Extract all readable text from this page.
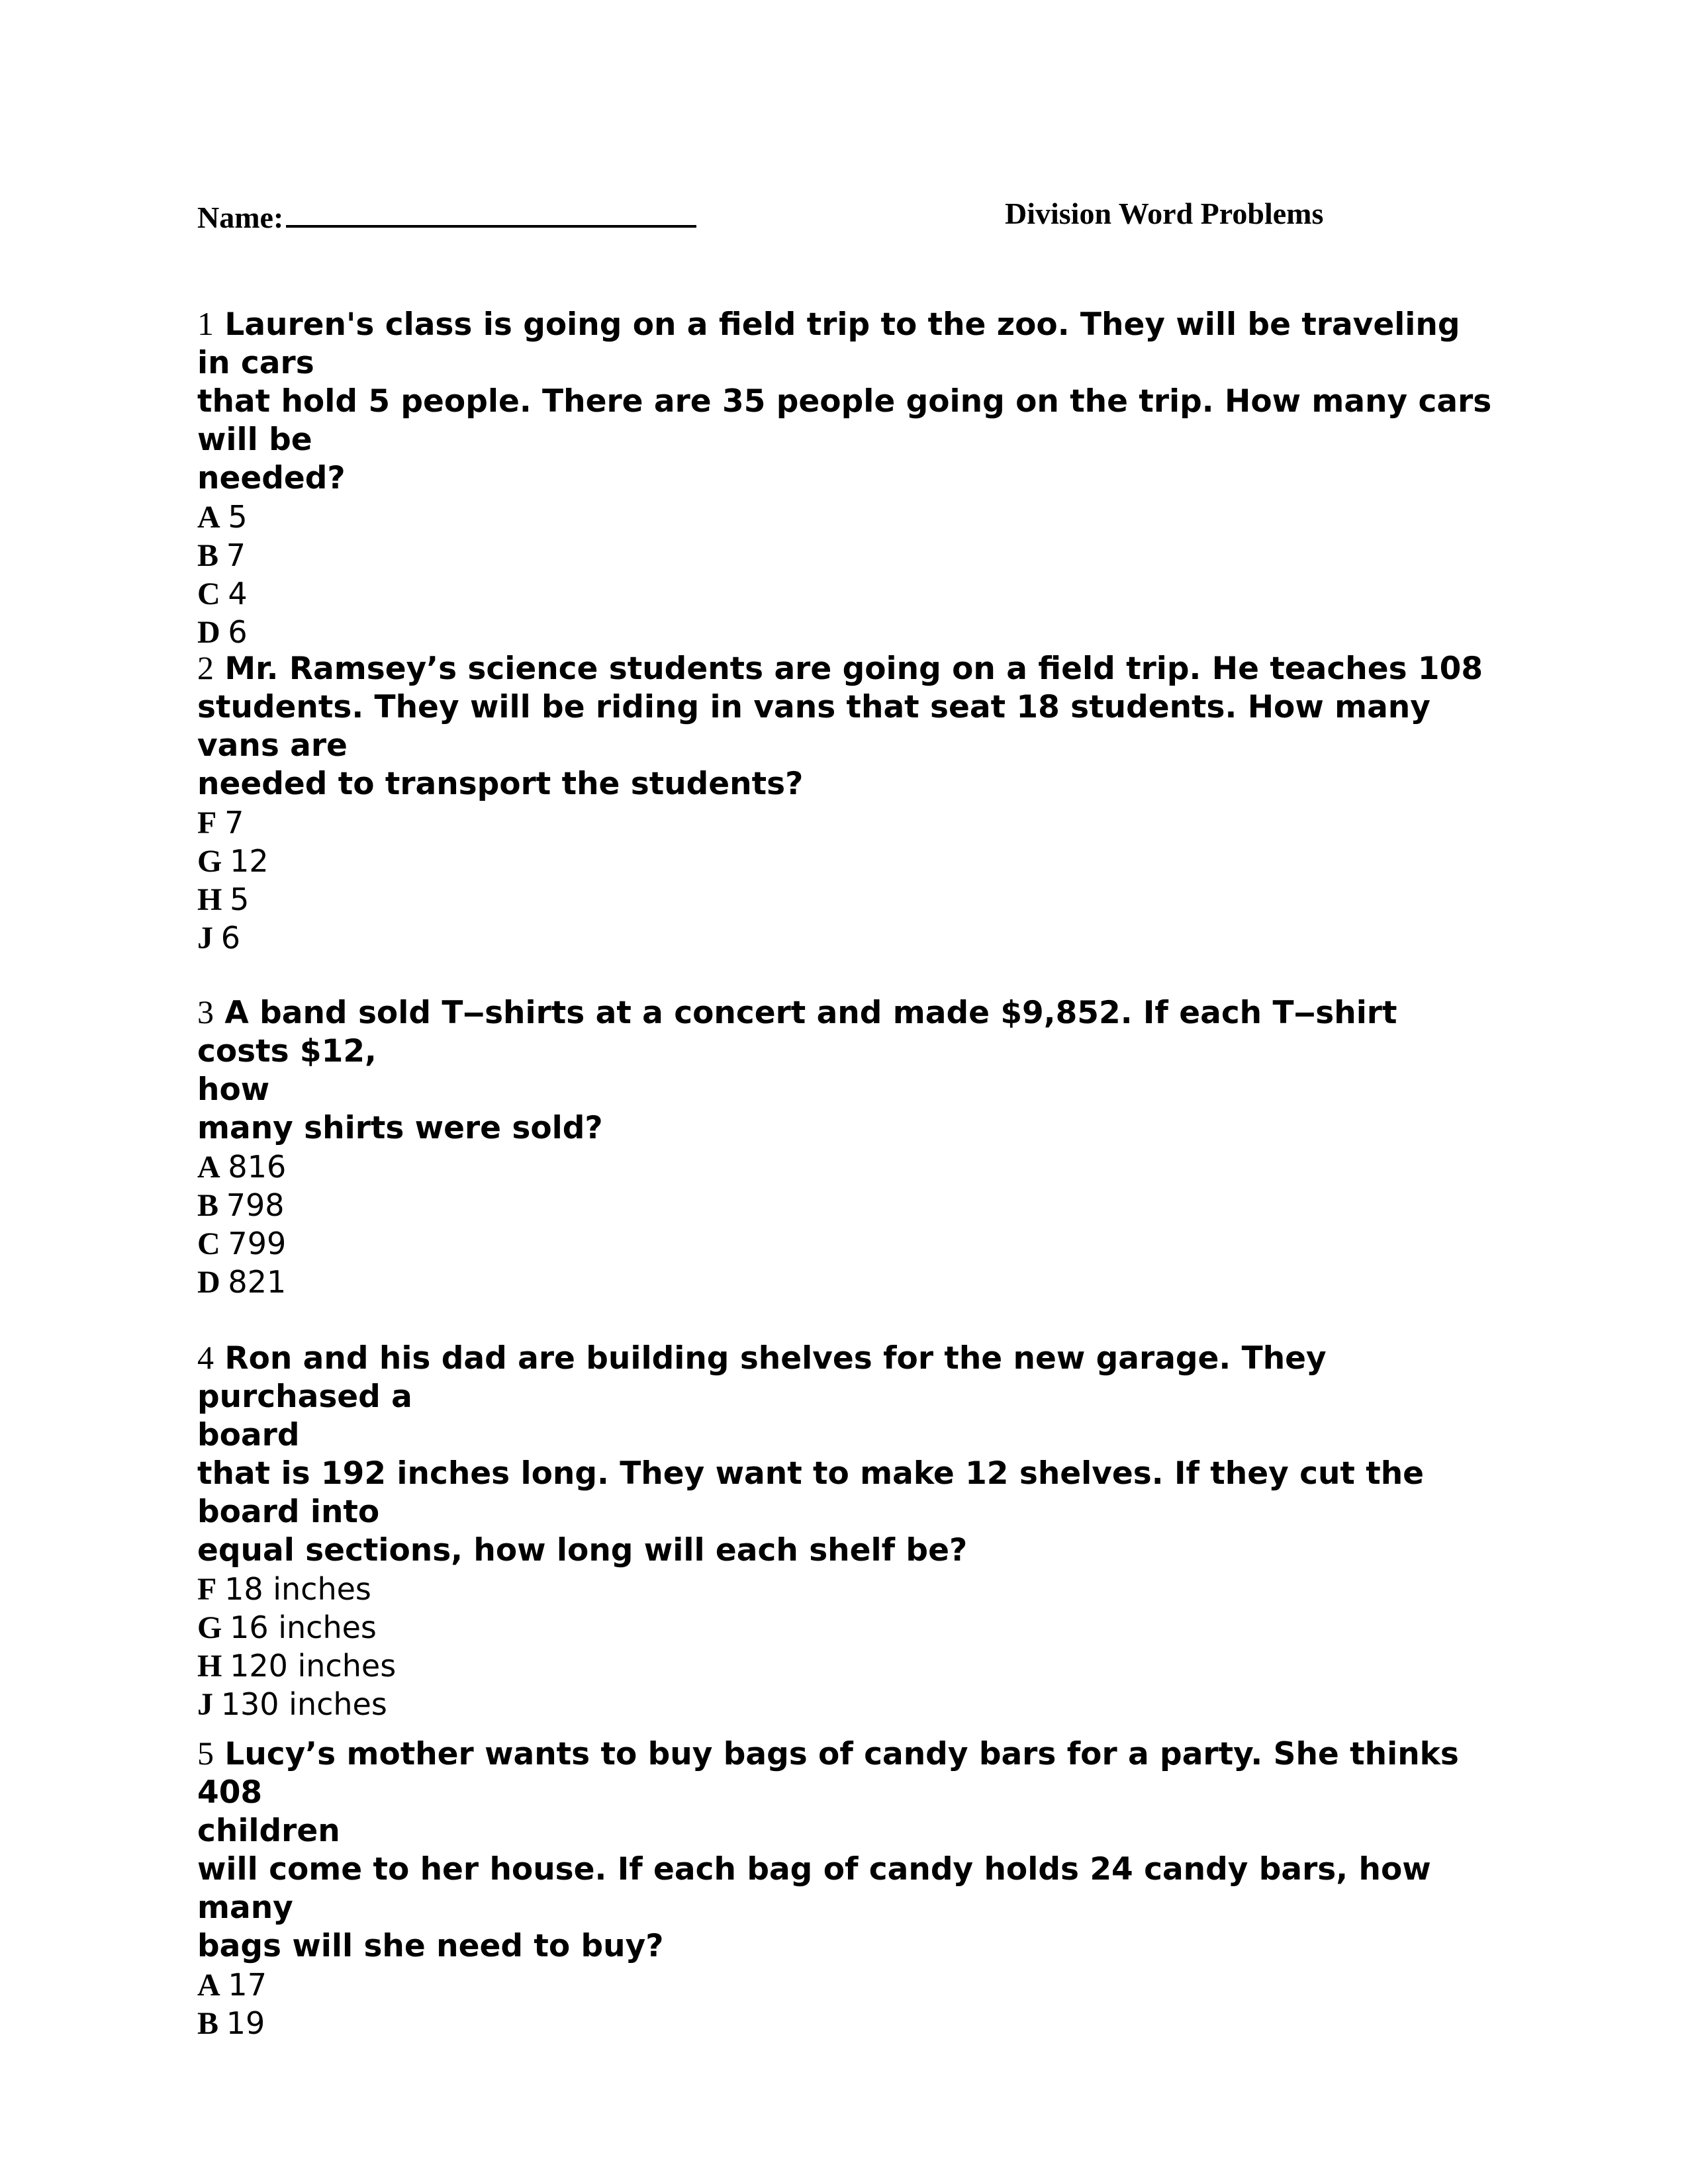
Name:	Division Word Problems

1 Lauren's class is going on a field trip to the zoo. They will be traveling in cars
that hold 5 people. There are 35 people going on the trip. How many cars will be
needed?

A 5
B 7
C 4
D 6

2 Mr. Ramsey’s science students are going on a field trip. He teaches 108
students. They will be riding in vans that seat 18 students. How many vans are
needed to transport the students?

F 7
G 12
H 5
J 6

3 A band sold T‒shirts at a concert and made $9,852. If each T‒shirt costs $12,
how
many shirts were sold?

A 816
B 798
C 799
D 821

4 Ron and his dad are building shelves for the new garage. They purchased a
board
that is 192 inches long. They want to make 12 shelves. If they cut the board into
equal sections, how long will each shelf be?

F 18 inches
G 16 inches
H 120 inches
J 130 inches

5 Lucy’s mother wants to buy bags of candy bars for a party. She thinks 408
children
will come to her house. If each bag of candy holds 24 candy bars, how many
bags will she need to buy?

A 17
B 19
